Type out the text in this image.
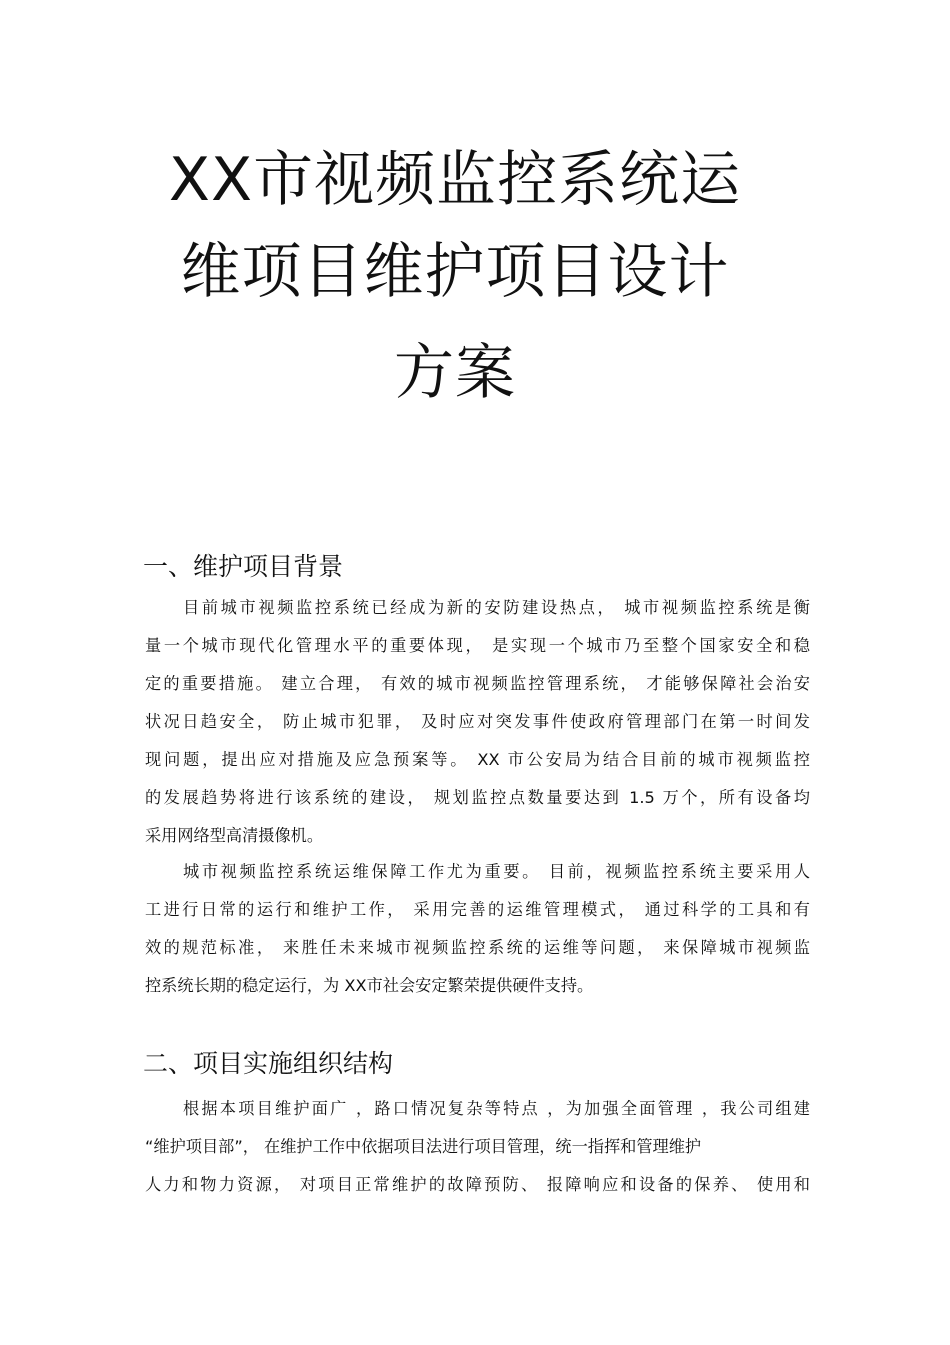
XX市视频监控系统运
维项目维护项目设计
方案
一、维护项目背景
目前城市视频监控系统已经成为新的安防建设热点， 城市视频监控系统是衡
量一个城市现代化管理水平的重要体现， 是实现一个城市乃至整个国家安全和稳
定的重要措施。 建立合理， 有效的城市视频监控管理系统， 才能够保障社会治安
状况日趋安全， 防止城市犯罪， 及时应对突发事件使政府管理部门在第一时间发
现问题，提出应对措施及应急预案等。 XX 市公安局为结合目前的城市视频监控
的发展趋势将进行该系统的建设， 规划监控点数量要达到 1.5 万个，所有设备均
采用网络型高清摄像机。
城市视频监控系统运维保障工作尤为重要。 目前，视频监控系统主要采用人
工进行日常的运行和维护工作， 采用完善的运维管理模式， 通过科学的工具和有
效的规范标准， 来胜任未来城市视频监控系统的运维等问题， 来保障城市视频监
控系统长期的稳定运行，为 XX市社会安定繁荣提供硬件支持。
二、项目实施组织结构
根据本项目维护面广 ，路口情况复杂等特点 ，为加强全面管理 ，我公司组建
“维护项目部”， 在维护工作中依据项目法进行项目管理，统一指挥和管理维护
人力和物力资源， 对项目正常维护的故障预防、 报障响应和设备的保养、 使用和
